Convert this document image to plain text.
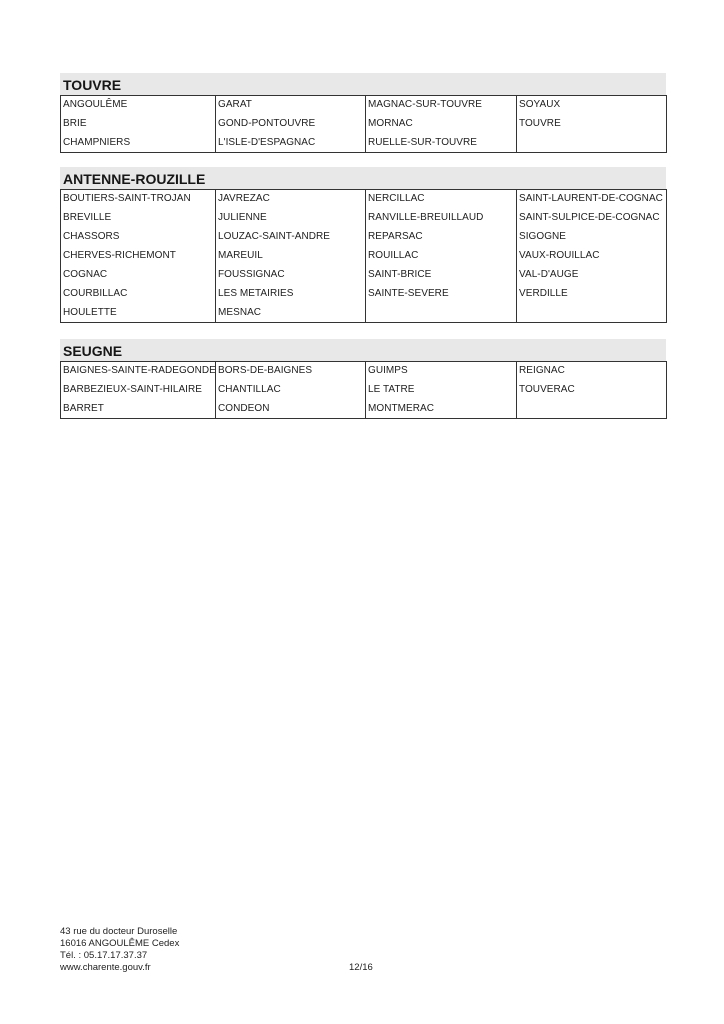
TOUVRE
ANGOULÊME	GARAT	MAGNAC-SUR-TOUVRE	SOYAUX
BRIE	GOND-PONTOUVRE	MORNAC	TOUVRE
CHAMPNIERS	L'ISLE-D'ESPAGNAC	RUELLE-SUR-TOUVRE	
ANTENNE-ROUZILLE
BOUTIERS-SAINT-TROJAN	JAVREZAC	NERCILLAC	SAINT-LAURENT-DE-COGNAC
BREVILLE	JULIENNE	RANVILLE-BREUILLAUD	SAINT-SULPICE-DE-COGNAC
CHASSORS	LOUZAC-SAINT-ANDRE	REPARSAC	SIGOGNE
CHERVES-RICHEMONT	MAREUIL	ROUILLAC	VAUX-ROUILLAC
COGNAC	FOUSSIGNAC	SAINT-BRICE	VAL-D'AUGE
COURBILLAC	LES METAIRIES	SAINTE-SEVERE	VERDILLE
HOULETTE	MESNAC		
SEUGNE
BAIGNES-SAINTE-RADEGONDE	BORS-DE-BAIGNES	GUIMPS	REIGNAC
BARBEZIEUX-SAINT-HILAIRE	CHANTILLAC	LE TATRE	TOUVERAC
BARRET	CONDEON	MONTMERAC	
43 rue du docteur Duroselle
16016 ANGOULÊME Cedex
Tél. : 05.17.17.37.37
www.charente.gouv.fr	12/16
